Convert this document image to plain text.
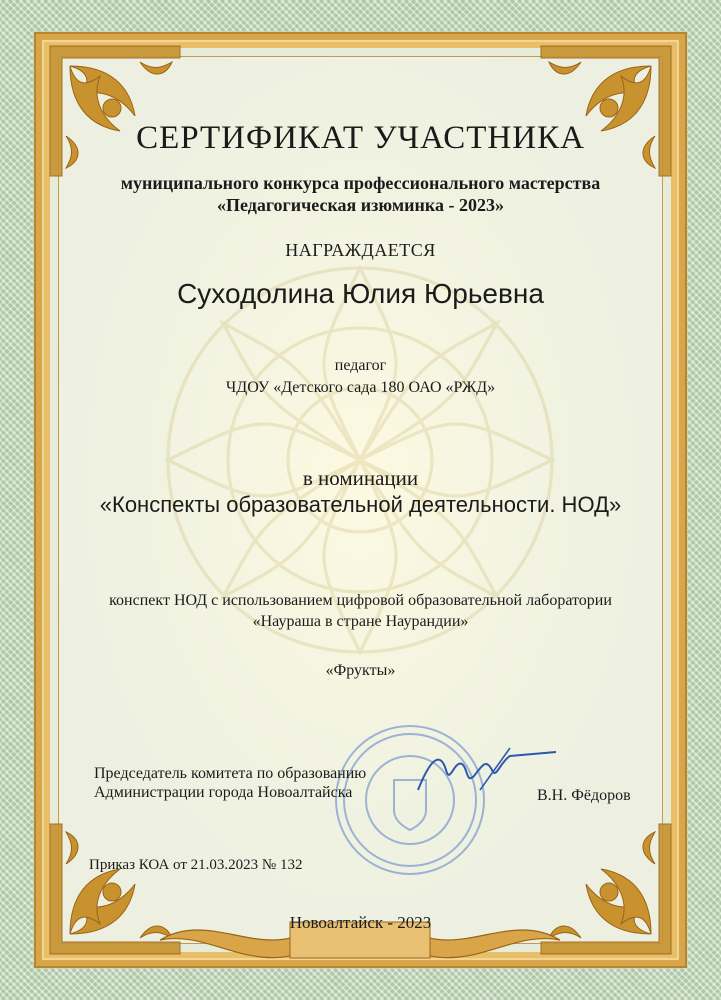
СЕРТИФИКАТ УЧАСТНИКА
муниципального конкурса профессионального мастерства
«Педагогическая изюминка - 2023»
НАГРАЖДАЕТСЯ
Суходолина Юлия Юрьевна
педагог
ЧДОУ «Детского сада 180 ОАО «РЖД»
в номинации
«Конспекты образовательной деятельности. НОД»
конспект НОД с использованием цифровой образовательной лаборатории
«Наураша в стране Наурандии»
«Фрукты»
Председатель комитета по образованию
Администрации города Новоалтайска	В.Н. Фёдоров
Приказ КОА от 21.03.2023 № 132
Новоалтайск - 2023
